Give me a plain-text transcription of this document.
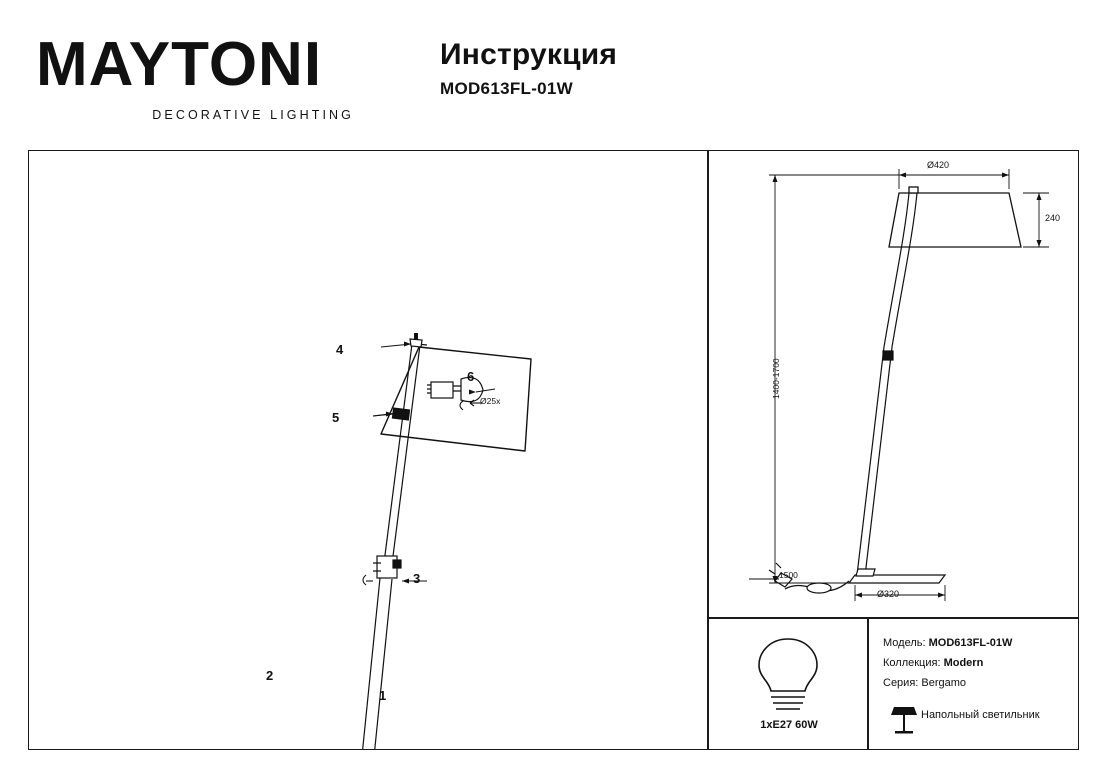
MAYTONI
DECORATIVE LIGHTING
Инструкция
MOD613FL-01W
4
5
6
3
1
2
Ø25х
Ø420
240
1400-1700
Ø320
1500
1xE27 60W
Модель: MOD613FL-01W
Коллекция: Modern
Серия: Bergamo
Напольный светильник
